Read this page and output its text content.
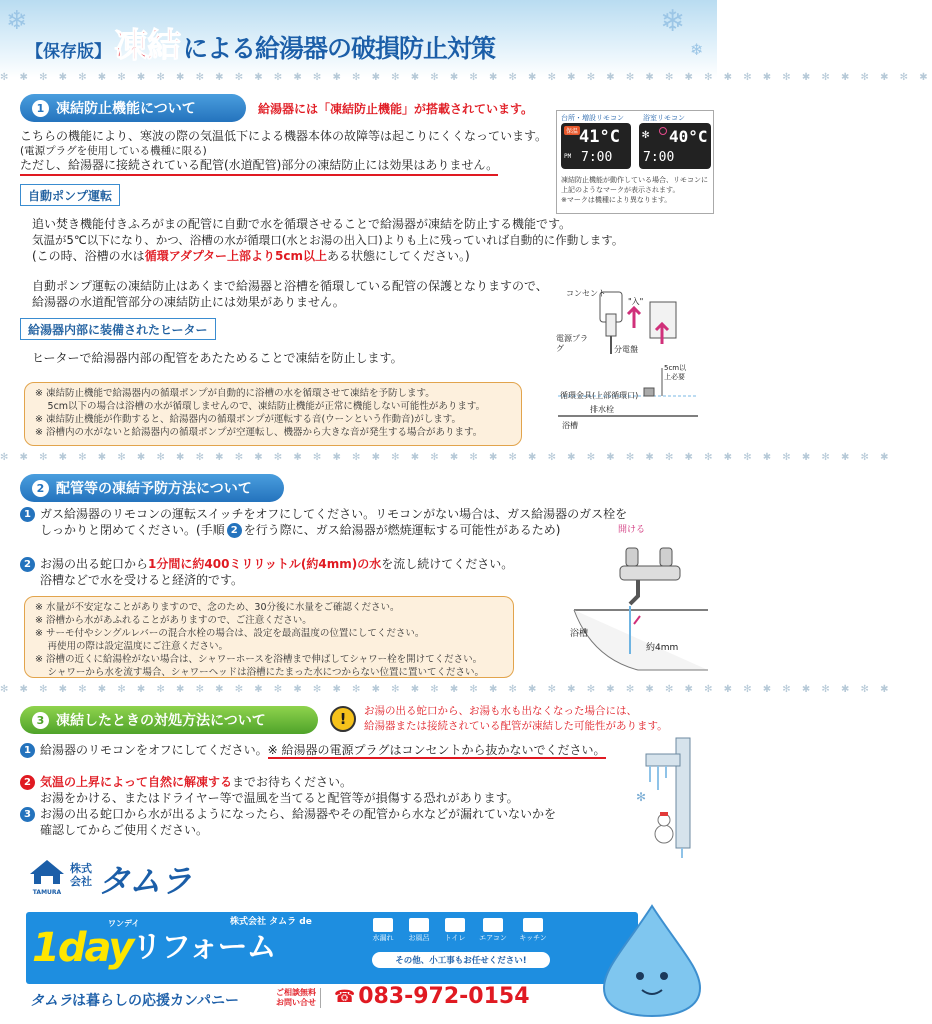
❄	❄
❄
【保存版】 凍結 による給湯器の破損防止対策
✻ ✱ ✻ ✱ ✻ ✱ ✻ ✱ ✻ ✱ ✻ ✱ ✻ ✱ ✻ ✱ ✻ ✱ ✻ ✱ ✻ ✱ ✻ ✱ ✻ ✱ ✻ ✱ ✻ ✱ ✻ ✱ ✻ ✱ ✻ ✱ ✻ ✱ ✻ ✱ ✻ ✱ ✻ ✱ ✻ ✱ ✻ ✱
1 凍結防止機能について	給湯器には「凍結防止機能」が搭載されています。
こちらの機能により、寒波の際の気温低下による機器本体の故障等は起こりにくくなっています。
(電源プラグを使用している機種に限る)
ただし、給湯器に接続されている配管(水道配管)部分の凍結防止には効果はありません。
台所・増設リモコン	浴室リモコン
保温 41°C
PM 7:00
✻ 40°C
7:00
凍結防止機能が動作している場合、リモコンに
上記のようなマークが表示されます。
※マークは機種により異なります。
自動ポンプ運転
追い焚き機能付きふろがまの配管に自動で水を循環させることで給湯器が凍結を防止する機能です。
気温が5℃以下になり、かつ、浴槽の水が循環口(水とお湯の出入口)よりも上に残っていれば自動的に作動します。
(この時、浴槽の水は循環アダプター上部より5cm以上ある状態にしてください。)
自動ポンプ運転の凍結防止はあくまで給湯器と浴槽を循環している配管の保護となりますので、
給湯器の水道配管部分の凍結防止には効果がありません。
給湯器内部に装備されたヒーター
ヒーターで給湯器内部の配管をあたためることで凍結を防止します。
コンセント
"入"
電源プラグ	分電盤
5cm以上必要
循環金具(上部循環口)
排水栓
浴槽
※ 凍結防止機能で給湯器内の循環ポンプが自動的に浴槽の水を循環させて凍結を予防します。
　 5cm以下の場合は浴槽の水が循環しませんので、凍結防止機能が正常に機能しない可能性があります。
※ 凍結防止機能が作動すると、給湯器内の循環ポンプが運転する音(ウーンという作動音)がします。
※ 浴槽内の水がないと給湯器内の循環ポンプが空運転し、機器から大きな音が発生する場合があります。
✻ ✱ ✻ ✱ ✻ ✱ ✻ ✱ ✻ ✱ ✻ ✱ ✻ ✱ ✻ ✱ ✻ ✱ ✻ ✱ ✻ ✱ ✻ ✱ ✻ ✱ ✻ ✱ ✻ ✱ ✻ ✱ ✻ ✱ ✻ ✱ ✻ ✱ ✻ ✱ ✻ ✱ ✻ ✱ ✻ ✱
2 配管等の凍結予防方法について
1 ガス給湯器のリモコンの運転スイッチをオフにしてください。リモコンがない場合は、ガス給湯器のガス栓を
しっかりと閉めてください。(手順 2 を行う際に、ガス給湯器が燃焼運転する可能性があるため)
2 お湯の出る蛇口から1分間に約400ミリリットル(約4mm)の水を流し続けてください。
浴槽などで水を受けると経済的です。
開ける
浴槽
約4mm
※ 水量が不安定なことがありますので、念のため、30分後に水量をご確認ください。
※ 浴槽から水があふれることがありますので、ご注意ください。
※ サーモ付やシングルレバーの混合水栓の場合は、設定を最高温度の位置にしてください。
　 再使用の際は設定温度にご注意ください。
※ 浴槽の近くに給湯栓がない場合は、シャワーホースを浴槽まで伸ばしてシャワー栓を開けてください。
　 シャワーから水を流す場合、シャワーヘッドは浴槽にたまった水につからない位置に置いてください。
✻ ✱ ✻ ✱ ✻ ✱ ✻ ✱ ✻ ✱ ✻ ✱ ✻ ✱ ✻ ✱ ✻ ✱ ✻ ✱ ✻ ✱ ✻ ✱ ✻ ✱ ✻ ✱ ✻ ✱ ✻ ✱ ✻ ✱ ✻ ✱ ✻ ✱ ✻ ✱ ✻ ✱ ✻ ✱ ✻ ✱
3 凍結したときの対処方法について	!	お湯の出る蛇口から、お湯も水も出なくなった場合には、
給湯器または接続されている配管が凍結した可能性があります。
1 給湯器のリモコンをオフにしてください。※ 給湯器の電源プラグはコンセントから抜かないでください。
2 気温の上昇によって自然に解凍するまでお待ちください。
お湯をかける、またはドライヤー等で温風を当てると配管等が損傷する恐れがあります。
3 お湯の出る蛇口から水が出るようになったら、給湯器やその配管から水などが漏れていないかを
確認してからご使用ください。
✻
TAMURA
株式
会社 タムラ
株式会社 タムラ de
ワンデイ
1day リフォーム	水漏れ	お風呂	トイレ	エアコン	キッチン
その他、小工事もお任せください!
タムラは暮らしの応援カンパニー
ご相談無料
お問い合せ ☎ 083-972-0154
